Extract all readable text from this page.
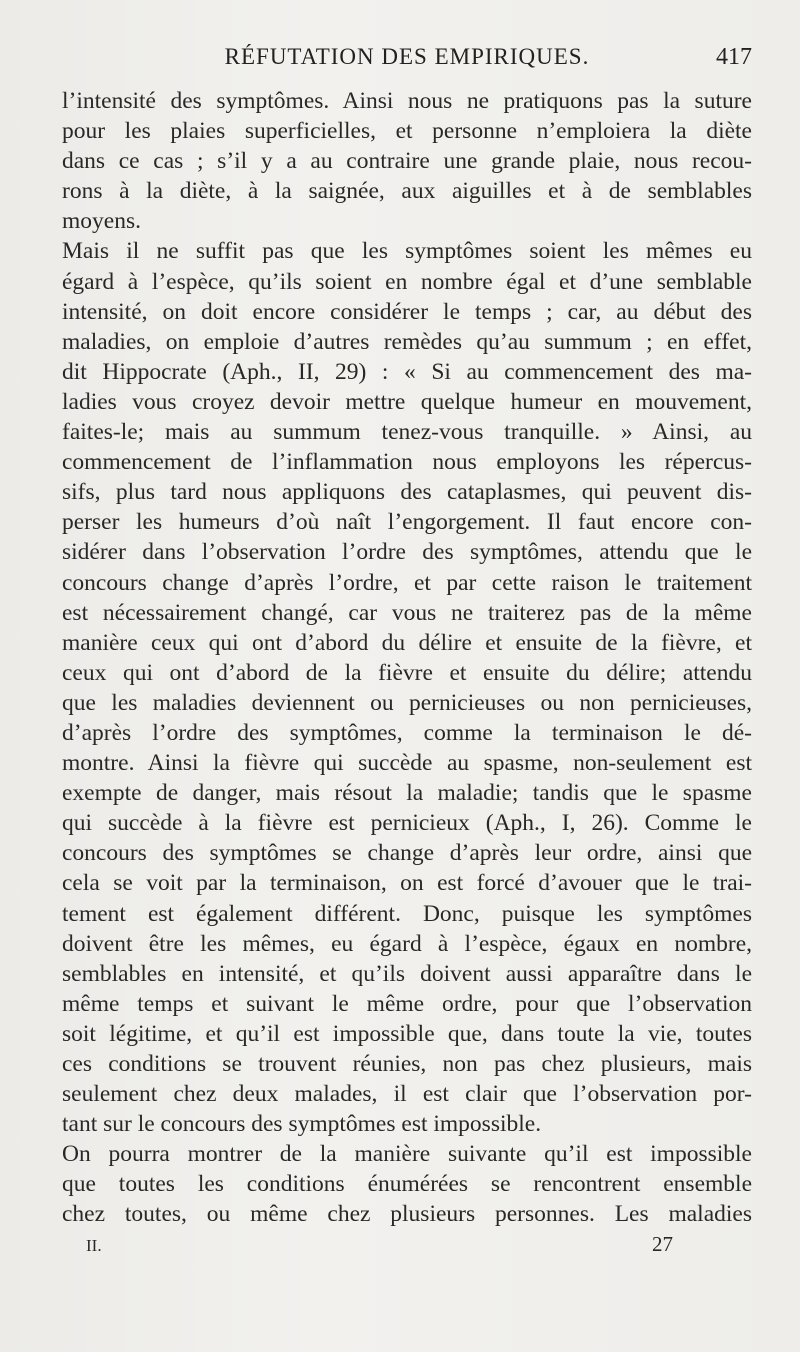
RÉFUTATION DES EMPIRIQUES.	417
l’intensité des symptômes. Ainsi nous ne pratiquons pas la suture
pour les plaies superficielles, et personne n’emploiera la diète
dans ce cas ; s’il y a au contraire une grande plaie, nous recou-
rons à la diète, à la saignée, aux aiguilles et à de semblables
moyens.
Mais il ne suffit pas que les symptômes soient les mêmes eu
égard à l’espèce, qu’ils soient en nombre égal et d’une semblable
intensité, on doit encore considérer le temps ; car, au début des
maladies, on emploie d’autres remèdes qu’au summum ; en effet,
dit Hippocrate (Aph., II, 29) : « Si au commencement des ma-
ladies vous croyez devoir mettre quelque humeur en mouvement,
faites-le; mais au summum tenez-vous tranquille. » Ainsi, au
commencement de l’inflammation nous employons les répercus-
sifs, plus tard nous appliquons des cataplasmes, qui peuvent dis-
perser les humeurs d’où naît l’engorgement. Il faut encore con-
sidérer dans l’observation l’ordre des symptômes, attendu que le
concours change d’après l’ordre, et par cette raison le traitement
est nécessairement changé, car vous ne traiterez pas de la même
manière ceux qui ont d’abord du délire et ensuite de la fièvre, et
ceux qui ont d’abord de la fièvre et ensuite du délire; attendu
que les maladies deviennent ou pernicieuses ou non pernicieuses,
d’après l’ordre des symptômes, comme la terminaison le dé-
montre. Ainsi la fièvre qui succède au spasme, non-seulement est
exempte de danger, mais résout la maladie; tandis que le spasme
qui succède à la fièvre est pernicieux (Aph., I, 26). Comme le
concours des symptômes se change d’après leur ordre, ainsi que
cela se voit par la terminaison, on est forcé d’avouer que le trai-
tement est également différent. Donc, puisque les symptômes
doivent être les mêmes, eu égard à l’espèce, égaux en nombre,
semblables en intensité, et qu’ils doivent aussi apparaître dans le
même temps et suivant le même ordre, pour que l’observation
soit légitime, et qu’il est impossible que, dans toute la vie, toutes
ces conditions se trouvent réunies, non pas chez plusieurs, mais
seulement chez deux malades, il est clair que l’observation por-
tant sur le concours des symptômes est impossible.
On pourra montrer de la manière suivante qu’il est impossible
que toutes les conditions énumérées se rencontrent ensemble
chez toutes, ou même chez plusieurs personnes. Les maladies
II.	27
